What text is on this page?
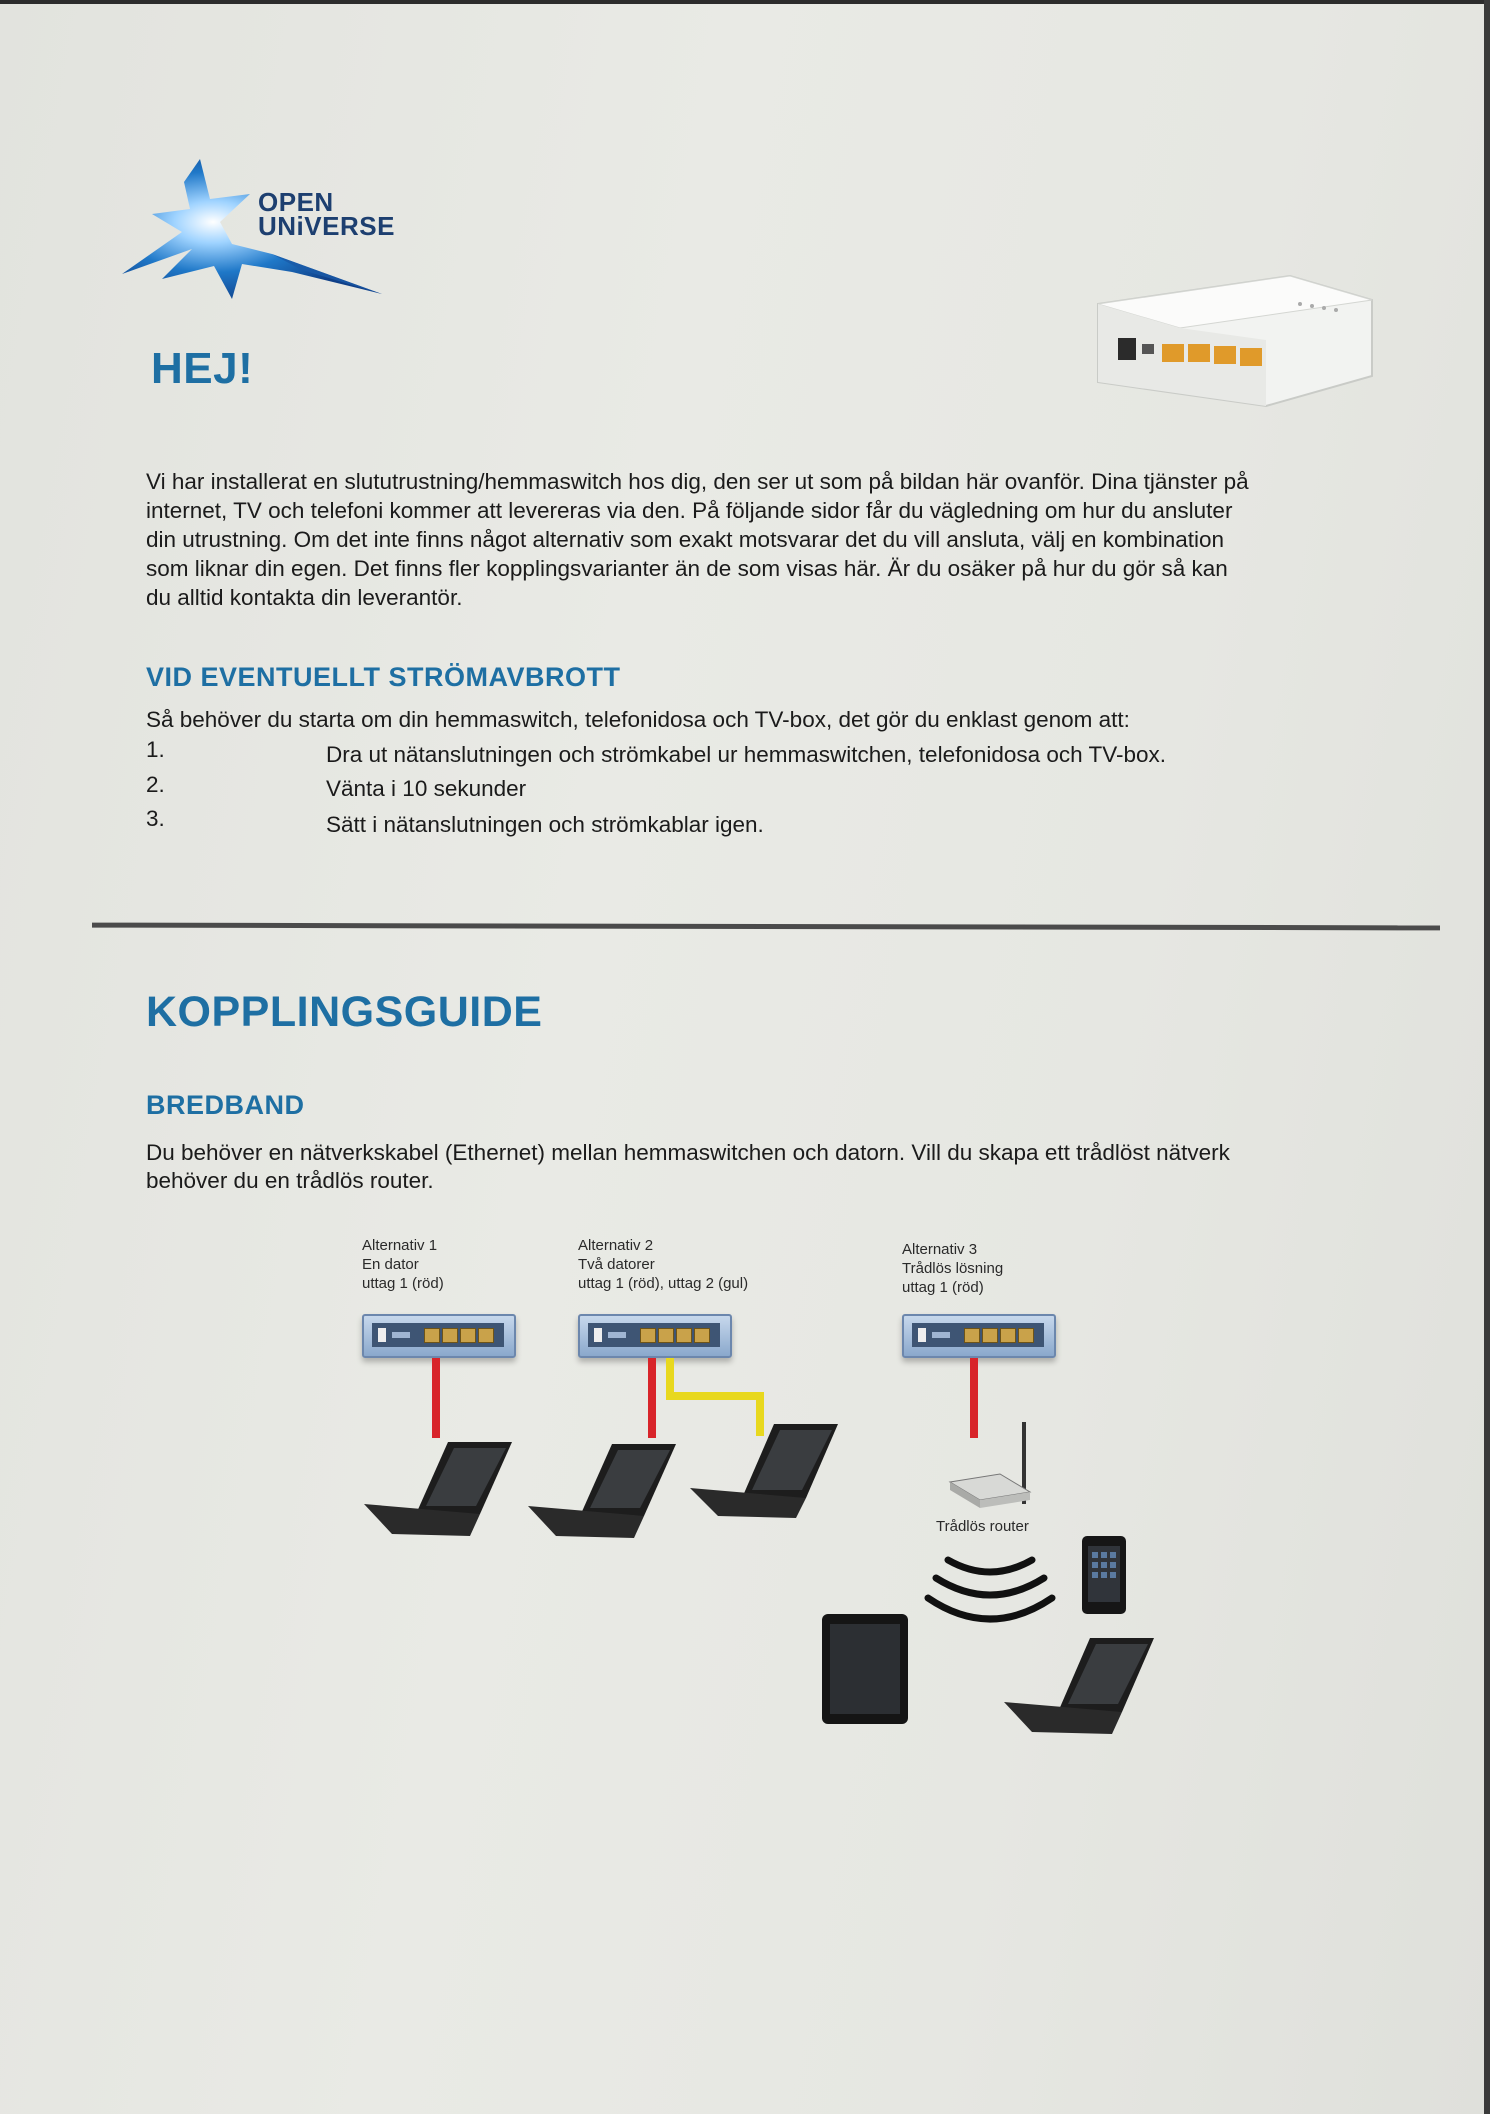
OPEN
UNiVERSE
HEJ!

Vi har installerat en slututrustning/hemmaswitch hos dig, den ser ut som på bildan här ovanför. Dina tjänster på

internet, TV och telefoni kommer att levereras via den. På följande sidor får du vägledning om hur du ansluter

din utrustning. Om det inte finns något alternativ som exakt motsvarar det du vill ansluta, välj en kombination

som liknar din egen. Det finns fler kopplingsvarianter än de som visas här. Är du osäker på hur du gör så kan

du alltid kontakta din leverantör.

VID EVENTUELLT STRÖMAVBROTT

Så behöver du starta om din hemmaswitch, telefonidosa och TV-box, det gör du enklast genom att:

1.	Dra ut nätanslutningen och strömkabel ur hemmaswitchen, telefonidosa och TV-box.
2.	Vänta i 10 sekunder
3.	Sätt i nätanslutningen och strömkablar igen.
KOPPLINGSGUIDE
BREDBAND

Du behöver en nätverkskabel (Ethernet) mellan hemmaswitchen och datorn. Vill du skapa ett trådlöst nätverk

behöver du en trådlös router.

Alternativ 1
En dator
uttag 1 (röd)
Alternativ 2
Två datorer
uttag 1 (röd), uttag 2 (gul)
Alternativ 3
Trådlös lösning
uttag 1 (röd)
Trådlös router
